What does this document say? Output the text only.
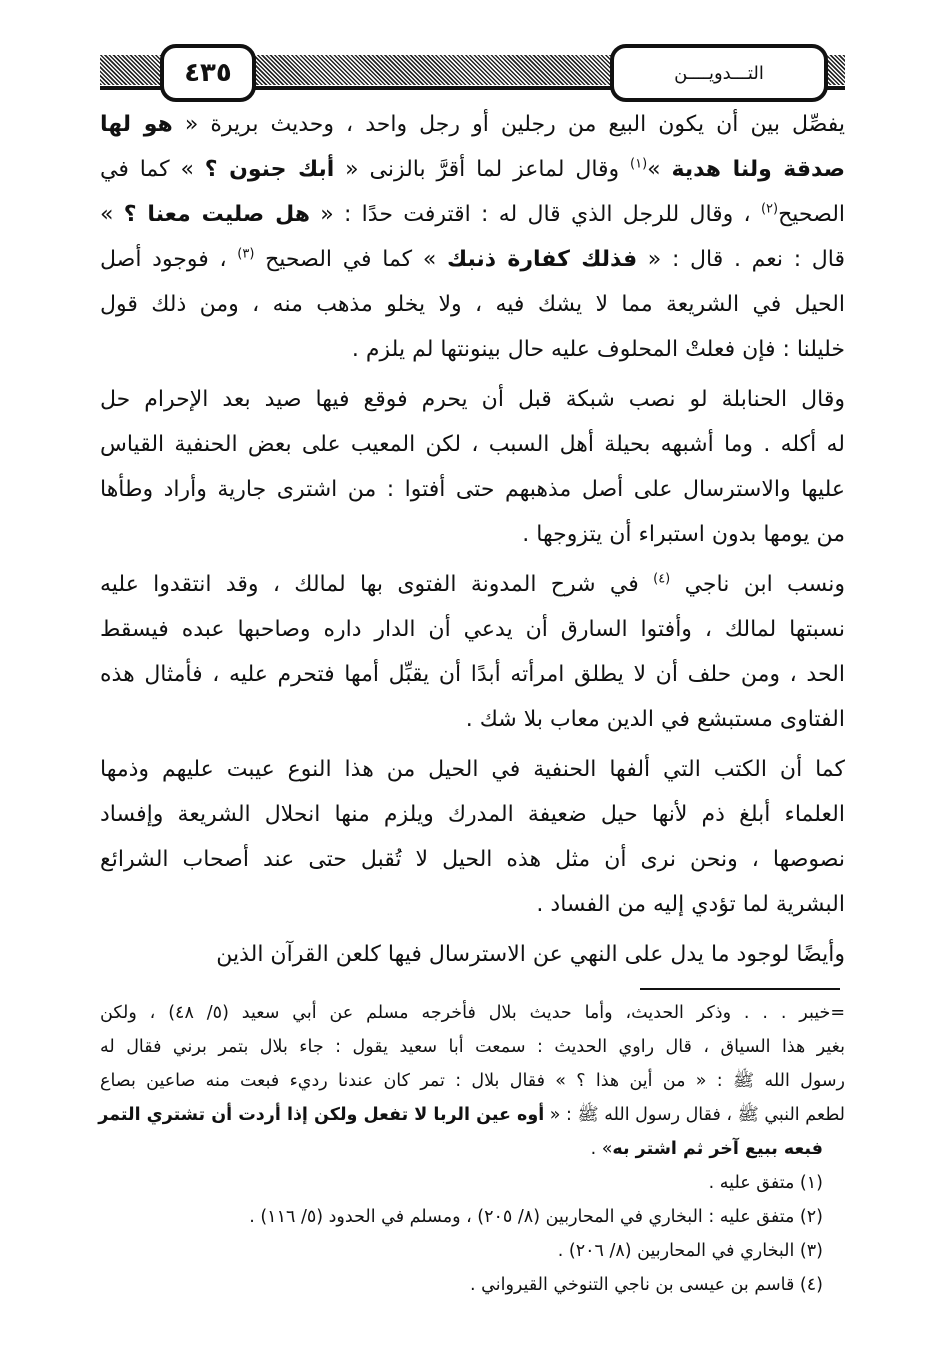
٤٣٥	التـــدويــــن
يفصِّل بين أن يكون البيع من رجلين أو رجل واحد ، وحديث بريرة « هو لها
صدقة ولنا هدية »$^{(١)}$ وقال لماعز لما أقرَّ بالزنى « أبك جنون ؟ » كما في
الصحيح$^{(٢)}$ ، وقال للرجل الذي قال له : اقترفت حدًا : « هل صليت معنا ؟ »
قال : نعم . قال : « فذلك كفارة ذنبك » كما في الصحيح $^{(٣)}$ ، فوجود أصل
الحيل في الشريعة مما لا يشك فيه ، ولا يخلو مذهب منه ، ومن ذلك قول
خليلنا : فإن فعلتْ المحلوف عليه حال بينونتها لم يلزم .
وقال الحنابلة لو نصب شبكة قبل أن يحرم فوقع فيها صيد بعد الإحرام حل
له أكله . وما أشبهه بحيلة أهل السبب ، لكن المعيب على بعض الحنفية القياس
عليها والاسترسال على أصل مذهبهم حتى أفتوا : من اشترى جارية وأراد وطأها
من يومها بدون استبراء أن يتزوجها .
ونسب ابن ناجي $^{(٤)}$ في شرح المدونة الفتوى بها لمالك ، وقد انتقدوا عليه
نسبتها لمالك ، وأفتوا السارق أن يدعي أن الدار داره وصاحبها عبده فيسقط
الحد ، ومن حلف أن لا يطلق امرأته أبدًا أن يقبِّل أمها فتحرم عليه ، فأمثال هذه
الفتاوى مستبشع في الدين معاب بلا شك .
كما أن الكتب التي ألفها الحنفية في الحيل من هذا النوع عيبت عليهم وذمها
العلماء أبلغ ذم لأنها حيل ضعيفة المدرك ويلزم منها انحلال الشريعة وإفساد
نصوصها ، ونحن نرى أن مثل هذه الحيل لا تُقبل حتى عند أصحاب الشرائع
البشرية لما تؤدي إليه من الفساد .
وأيضًا لوجود ما يدل على النهي عن الاسترسال فيها كلعن القرآن الذين
=خيبر . . . وذكر الحديث، وأما حديث بلال فأخرجه مسلم عن أبي سعيد (٥/ ٤٨) ، ولكن
بغير هذا السياق ، قال راوي الحديث : سمعت أبا سعيد يقول : جاء بلال بتمر برني فقال له
رسول الله ﷺ : « من أين هذا ؟ » فقال بلال : تمر كان عندنا رديء فبعت منه صاعين بصاع
لطعم النبي ﷺ ، فقال رسول الله ﷺ : « أوه عين الربا لا تفعل ولكن إذا أردت أن تشتري التمر
فبعه ببيع آخر ثم اشتر به» .
(١) متفق عليه .
(٢) متفق عليه : البخاري في المحاربين (٨/ ٢٠٥) ، ومسلم في الحدود (٥/ ١١٦) .
(٣) البخاري في المحاربين (٨/ ٢٠٦) .
(٤) قاسم بن عيسى بن ناجي التنوخي القيرواني .
